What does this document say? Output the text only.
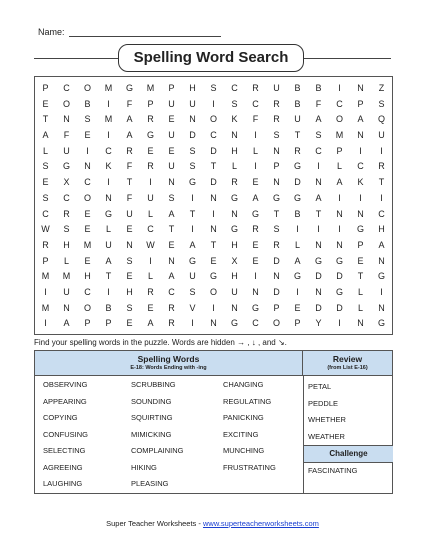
Name:
Spelling Word Search
P	C	O	M	G	M	P	H	S	C	R	U	B	B	I	N	Z
E	O	B	I	F	P	U	U	I	S	C	R	B	F	C	P	S
T	N	S	M	A	R	E	N	O	K	F	R	U	A	O	A	Q
A	F	E	I	A	G	U	D	C	N	I	S	T	S	M	N	U
L	U	I	C	R	E	E	S	D	H	L	N	R	C	P	I	I
S	G	N	K	F	R	U	S	T	L	I	P	G	I	L	C	R
E	X	C	I	T	I	N	G	D	R	E	N	D	N	A	K	T
S	C	O	N	F	U	S	I	N	G	A	G	G	A	I	I	I
C	R	E	G	U	L	A	T	I	N	G	T	B	T	N	N	C
W	S	E	L	E	C	T	I	N	G	R	S	I	I	I	G	H
R	H	M	U	N	W	E	A	T	H	E	R	L	N	N	P	A
P	L	E	A	S	I	N	G	E	X	E	D	A	G	G	E	N
M	M	H	T	E	L	A	U	G	H	I	N	G	D	D	T	G
I	U	C	I	H	R	C	S	O	U	N	D	I	N	G	L	I
M	N	O	B	S	E	R	V	I	N	G	P	E	D	D	L	N
I	A	P	P	E	A	R	I	N	G	C	O	P	Y	I	N	G
Find your spelling words in the puzzle. Words are hidden → , ↓ , and ↘.
Spelling Words
E-18: Words Ending with -ing
Review
(from List E-16)
OBSERVING
APPEARING
COPYING
CONFUSING
SELECTING
AGREEING
LAUGHING
SCRUBBING
SOUNDING
SQUIRTING
MIMICKING
COMPLAINING
HIKING
PLEASING
CHANGING
REGULATING
PANICKING
EXCITING
MUNCHING
FRUSTRATING
PETAL
PEDDLE
WHETHER
WEATHER
Challenge
FASCINATING
Super Teacher Worksheets - www.superteacherworksheets.com
